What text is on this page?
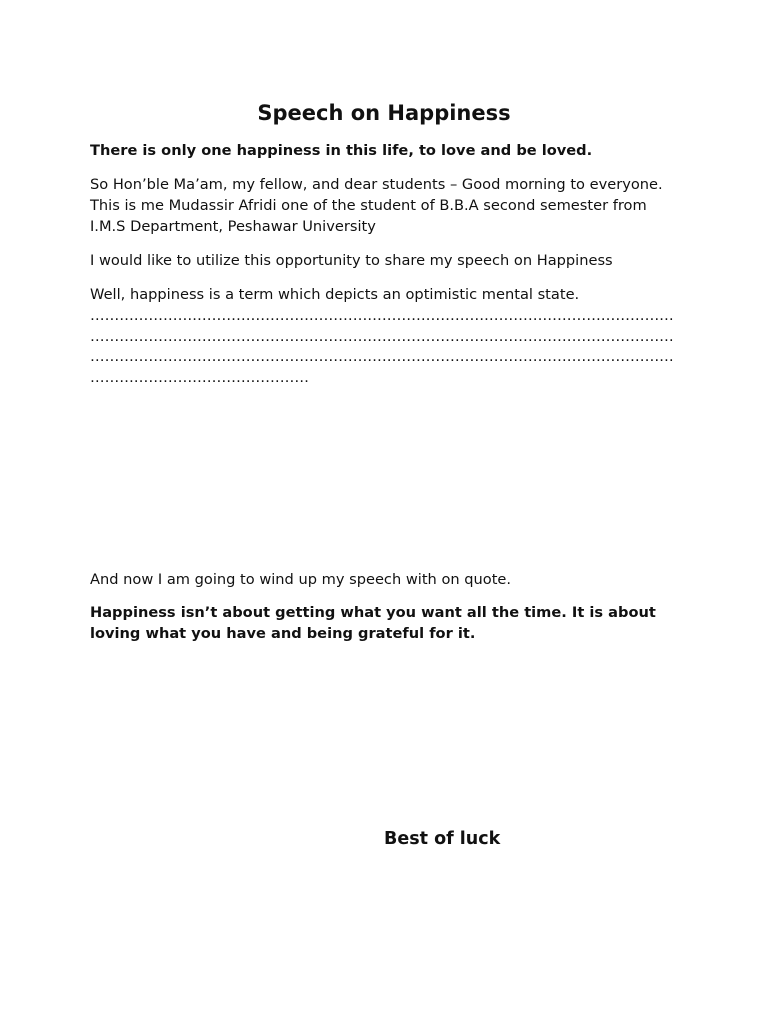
Speech on Happiness

There is only one happiness in this life, to love and be loved.

So Hon’ble Ma’am, my fellow, and dear students – Good morning to everyone. This is me Mudassir Afridi one of the student of B.B.A second semester from I.M.S Department, Peshawar University

I would like to utilize this opportunity to share my speech on Happiness

Well, happiness is a term which depicts an optimistic mental state.
…………………………………………………………………………………………………………
…………………………………………………………………………………………………………
…………………………………………………………………………………………………………
………………………………………

And now I am going to wind up my speech with on quote.

Happiness isn’t about getting what you want all the time. It is about loving what you have and being grateful for it.

Best of luck
